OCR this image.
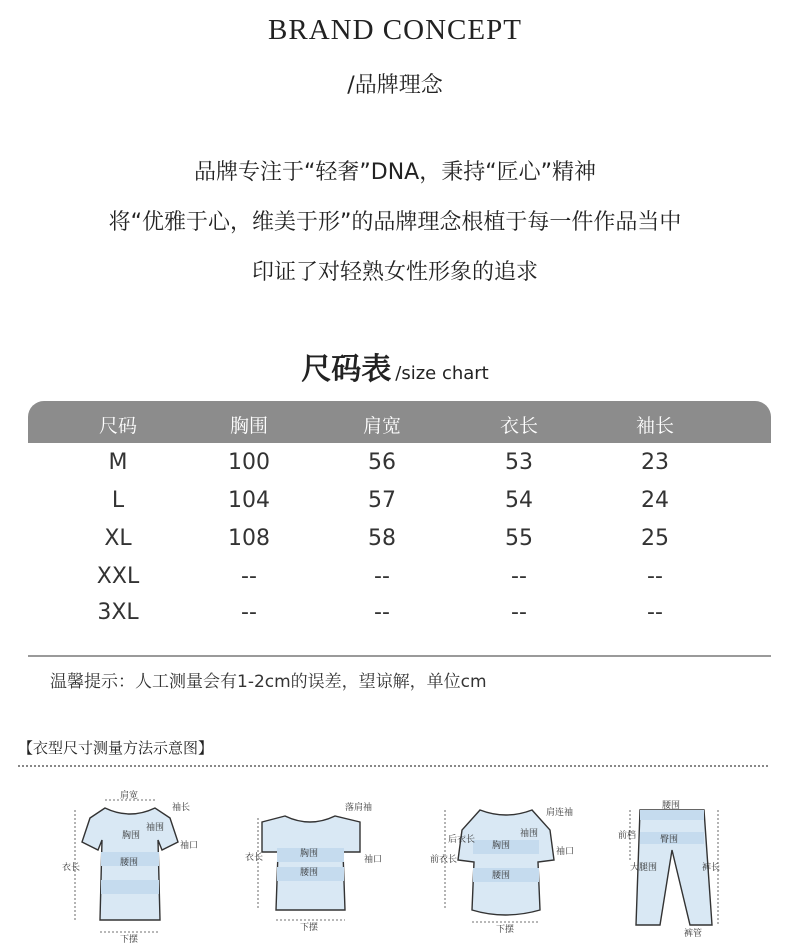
BRAND CONCEPT
/品牌理念
品牌专注于“轻奢”DNA，秉持“匠心”精神
将“优雅于心，维美于形”的品牌理念根植于每一件作品当中
印证了对轻熟女性形象的追求
尺码表 /size chart
尺码	胸围	肩宽	衣长	袖长
M	100	56	53	23
L	104	57	54	24
XL	108	58	55	25
XXL	--	--	--	--
3XL	--	--	--	--
温馨提示：人工测量会有1-2cm的误差，望谅解，单位cm
【衣型尺寸测量方法示意图】
肩宽
袖长
袖围
胸围
袖口
腰围
衣长
下摆
落肩袖
胸围
腰围
袖口
衣长
下摆
肩连袖
袖围
胸围
袖口
腰围
后衣长
前衣长
下摆
腰围
前档	臀围
大腿围	裤长
裤管
